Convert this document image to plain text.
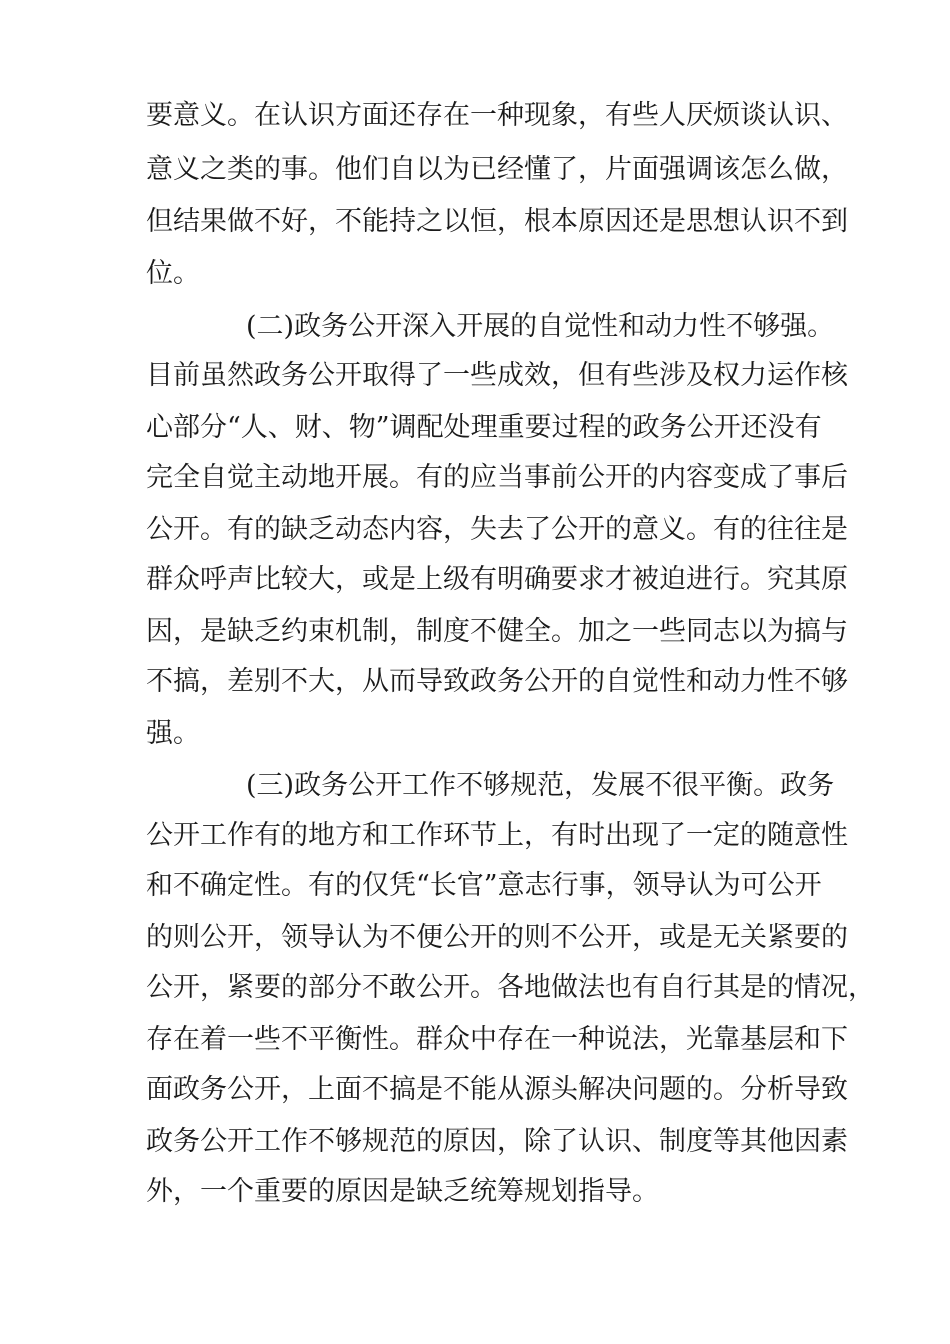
要意义。在认识方面还存在一种现象，有些人厌烦谈认识、
意义之类的事。他们自以为已经懂了，片面强调该怎么做，
但结果做不好，不能持之以恒，根本原因还是思想认识不到
位。
(二)政务公开深入开展的自觉性和动力性不够强。
目前虽然政务公开取得了一些成效，但有些涉及权力运作核
心部分“人、财、物”调配处理重要过程的政务公开还没有
完全自觉主动地开展。有的应当事前公开的内容变成了事后
公开。有的缺乏动态内容，失去了公开的意义。有的往往是
群众呼声比较大，或是上级有明确要求才被迫进行。究其原
因，是缺乏约束机制，制度不健全。加之一些同志以为搞与
不搞，差别不大，从而导致政务公开的自觉性和动力性不够
强。
(三)政务公开工作不够规范，发展不很平衡。政务
公开工作有的地方和工作环节上，有时出现了一定的随意性
和不确定性。有的仅凭“长官”意志行事，领导认为可公开
的则公开，领导认为不便公开的则不公开，或是无关紧要的
公开，紧要的部分不敢公开。各地做法也有自行其是的情况，
存在着一些不平衡性。群众中存在一种说法，光靠基层和下
面政务公开，上面不搞是不能从源头解决问题的。分析导致
政务公开工作不够规范的原因，除了认识、制度等其他因素
外，一个重要的原因是缺乏统筹规划指导。
